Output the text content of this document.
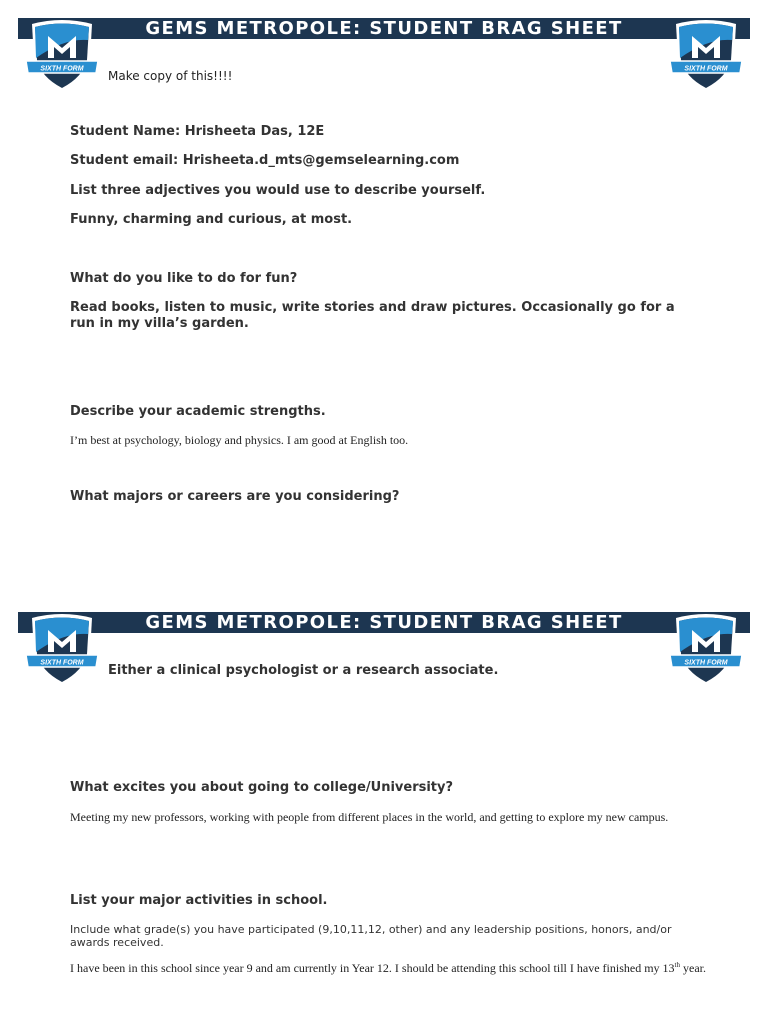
GEMS METROPOLE: STUDENT BRAG SHEET
SIXTH FORM	SIXTH FORM
Make copy of this!!!!
Student Name: Hrisheeta Das, 12E
Student email: Hrisheeta.d_mts@gemselearning.com
List three adjectives you would use to describe yourself.
Funny, charming and curious, at most.
What do you like to do for fun?
Read books, listen to music, write stories and draw pictures. Occasionally go for a run in my villa’s garden.
Describe your academic strengths.
I’m best at psychology, biology and physics. I am good at English too.
What majors or careers are you considering?
GEMS METROPOLE: STUDENT BRAG SHEET
SIXTH FORM	SIXTH FORM
Either a clinical psychologist or a research associate.
What excites you about going to college/University?
Meeting my new professors, working with people from different places in the world, and getting to explore my new campus.
List your major activities in school.
Include what grade(s) you have participated (9,10,11,12, other) and any leadership positions, honors, and/or awards received.
I have been in this school since year 9 and am currently in Year 12. I should be attending this school till I have finished my 13th year.
